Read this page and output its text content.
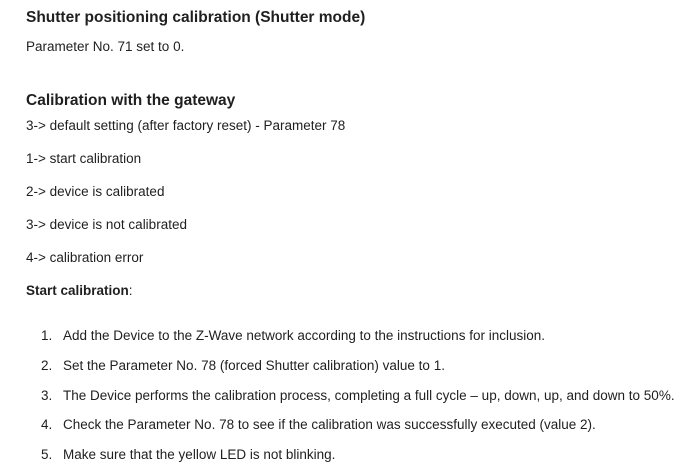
Shutter positioning calibration (Shutter mode)
Parameter No. 71 set to 0.
Calibration with the gateway
3-> default setting (after factory reset) - Parameter 78
1-> start calibration
2-> device is calibrated
3-> device is not calibrated
4-> calibration error
Start calibration:
1. Add the Device to the Z-Wave network according to the instructions for inclusion.
2. Set the Parameter No. 78 (forced Shutter calibration) value to 1.
3. The Device performs the calibration process, completing a full cycle – up, down, up, and down to 50%.
4. Check the Parameter No. 78 to see if the calibration was successfully executed (value 2).
5. Make sure that the yellow LED is not blinking.
